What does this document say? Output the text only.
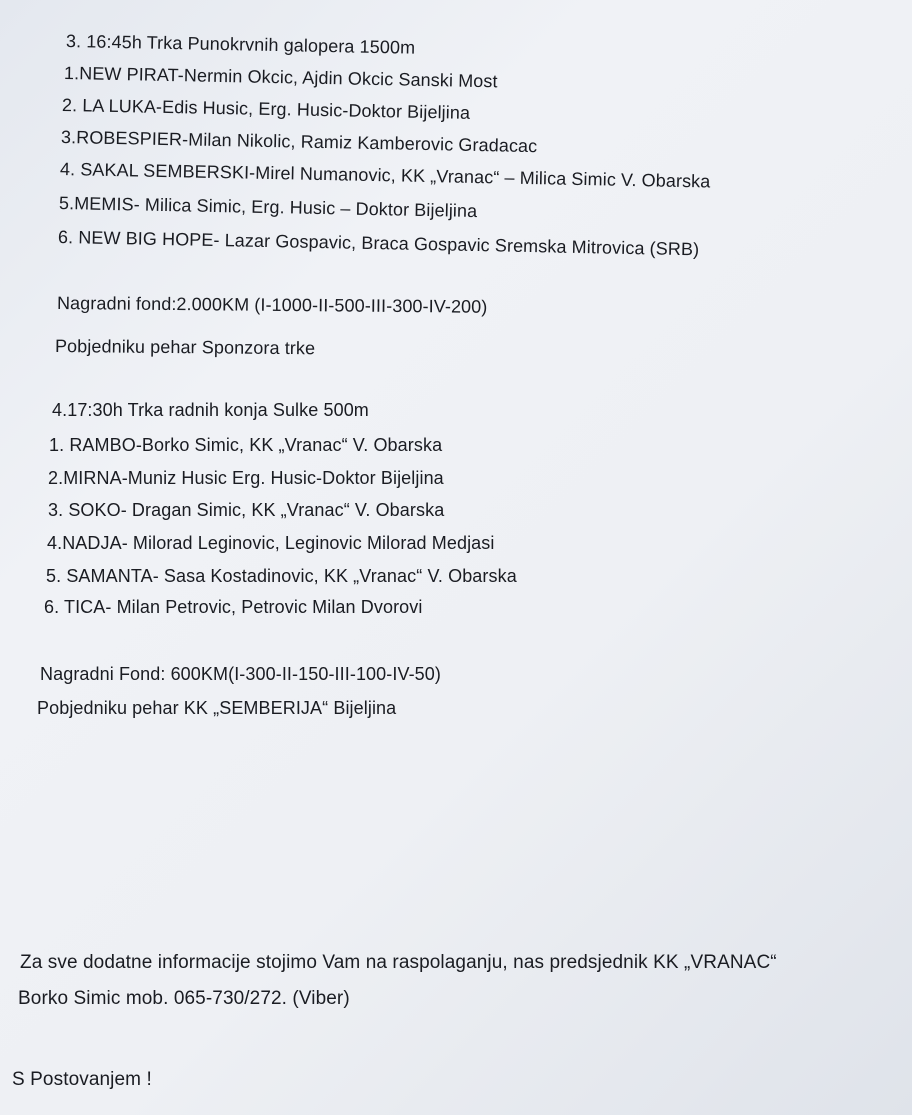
3. 16:45h Trka Punokrvnih galopera 1500m
1.NEW PIRAT-Nermin Okcic, Ajdin Okcic Sanski Most
2. LA LUKA-Edis Husic, Erg. Husic-Doktor Bijeljina
3.ROBESPIER-Milan Nikolic, Ramiz Kamberovic Gradacac
4. SAKAL SEMBERSKI-Mirel Numanovic, KK „Vranac“ – Milica Simic V. Obarska
5.MEMIS- Milica Simic, Erg. Husic – Doktor Bijeljina
6. NEW BIG HOPE- Lazar Gospavic, Braca Gospavic Sremska Mitrovica (SRB)
Nagradni fond:2.000KM (I-1000-II-500-III-300-IV-200)
Pobjedniku pehar Sponzora trke
4.17:30h Trka radnih konja Sulke 500m
1. RAMBO-Borko Simic, KK „Vranac“ V. Obarska
2.MIRNA-Muniz Husic Erg. Husic-Doktor Bijeljina
3. SOKO- Dragan Simic, KK „Vranac“ V. Obarska
4.NADJA- Milorad Leginovic, Leginovic Milorad Medjasi
5. SAMANTA- Sasa Kostadinovic, KK „Vranac“ V. Obarska
6. TICA- Milan Petrovic, Petrovic Milan Dvorovi
Nagradni Fond: 600KM(I-300-II-150-III-100-IV-50)
Pobjedniku pehar KK „SEMBERIJA“ Bijeljina
Za sve dodatne informacije stojimo Vam na raspolaganju, nas predsjednik KK „VRANAC“
Borko Simic mob. 065-730/272. (Viber)
S Postovanjem !
